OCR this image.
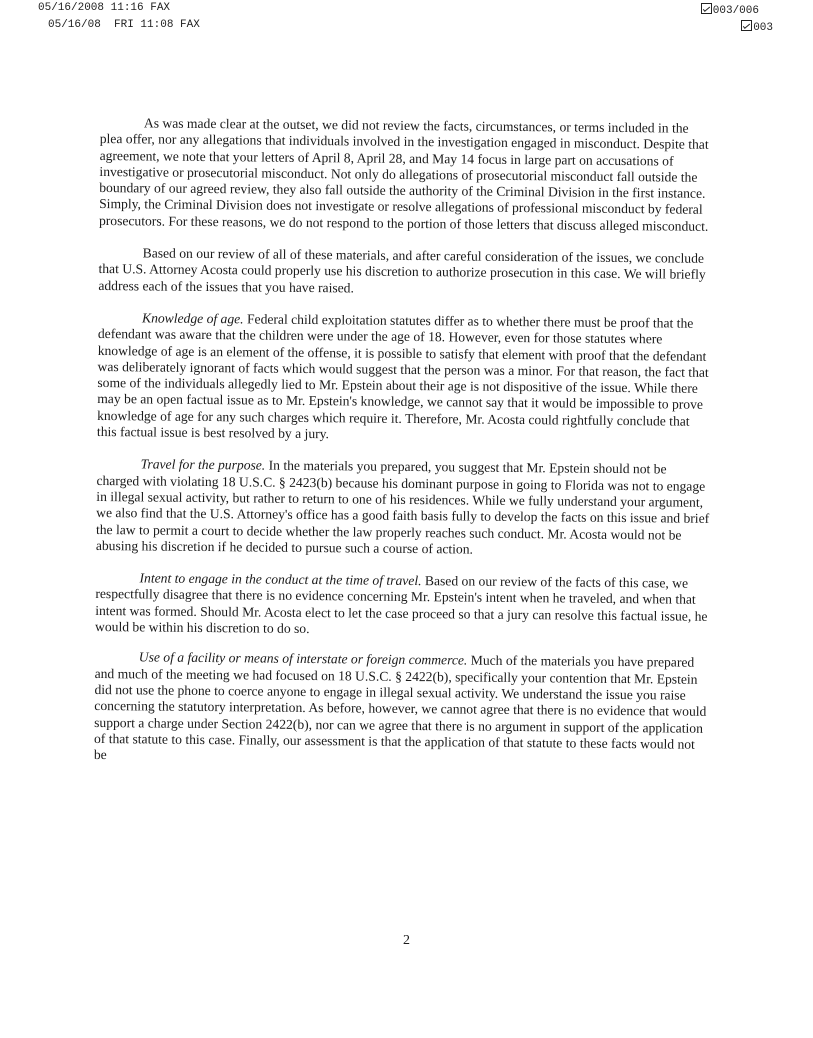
05/16/2008 11:16 FAX	003/006
05/16/08  FRI 11:08 FAX	003

As was made clear at the outset, we did not review the facts, circumstances, or terms included in the plea offer, nor any allegations that individuals involved in the investigation engaged in misconduct. Despite that agreement, we note that your letters of April 8, April 28, and May 14 focus in large part on accusations of investigative or prosecutorial misconduct. Not only do allegations of prosecutorial misconduct fall outside the boundary of our agreed review, they also fall outside the authority of the Criminal Division in the first instance. Simply, the Criminal Division does not investigate or resolve allegations of professional misconduct by federal prosecutors. For these reasons, we do not respond to the portion of those letters that discuss alleged misconduct.

Based on our review of all of these materials, and after careful consideration of the issues, we conclude that U.S. Attorney Acosta could properly use his discretion to authorize prosecution in this case. We will briefly address each of the issues that you have raised.

Knowledge of age. Federal child exploitation statutes differ as to whether there must be proof that the defendant was aware that the children were under the age of 18. However, even for those statutes where knowledge of age is an element of the offense, it is possible to satisfy that element with proof that the defendant was deliberately ignorant of facts which would suggest that the person was a minor. For that reason, the fact that some of the individuals allegedly lied to Mr. Epstein about their age is not dispositive of the issue. While there may be an open factual issue as to Mr. Epstein's knowledge, we cannot say that it would be impossible to prove knowledge of age for any such charges which require it. Therefore, Mr. Acosta could rightfully conclude that this factual issue is best resolved by a jury.

Travel for the purpose. In the materials you prepared, you suggest that Mr. Epstein should not be charged with violating 18 U.S.C. § 2423(b) because his dominant purpose in going to Florida was not to engage in illegal sexual activity, but rather to return to one of his residences. While we fully understand your argument, we also find that the U.S. Attorney's office has a good faith basis fully to develop the facts on this issue and brief the law to permit a court to decide whether the law properly reaches such conduct. Mr. Acosta would not be abusing his discretion if he decided to pursue such a course of action.

Intent to engage in the conduct at the time of travel. Based on our review of the facts of this case, we respectfully disagree that there is no evidence concerning Mr. Epstein's intent when he traveled, and when that intent was formed. Should Mr. Acosta elect to let the case proceed so that a jury can resolve this factual issue, he would be within his discretion to do so.

Use of a facility or means of interstate or foreign commerce. Much of the materials you have prepared and much of the meeting we had focused on 18 U.S.C. § 2422(b), specifically your contention that Mr. Epstein did not use the phone to coerce anyone to engage in illegal sexual activity. We understand the issue you raise concerning the statutory interpretation. As before, however, we cannot agree that there is no evidence that would support a charge under Section 2422(b), nor can we agree that there is no argument in support of the application of that statute to this case. Finally, our assessment is that the application of that statute to these facts would not be

2
